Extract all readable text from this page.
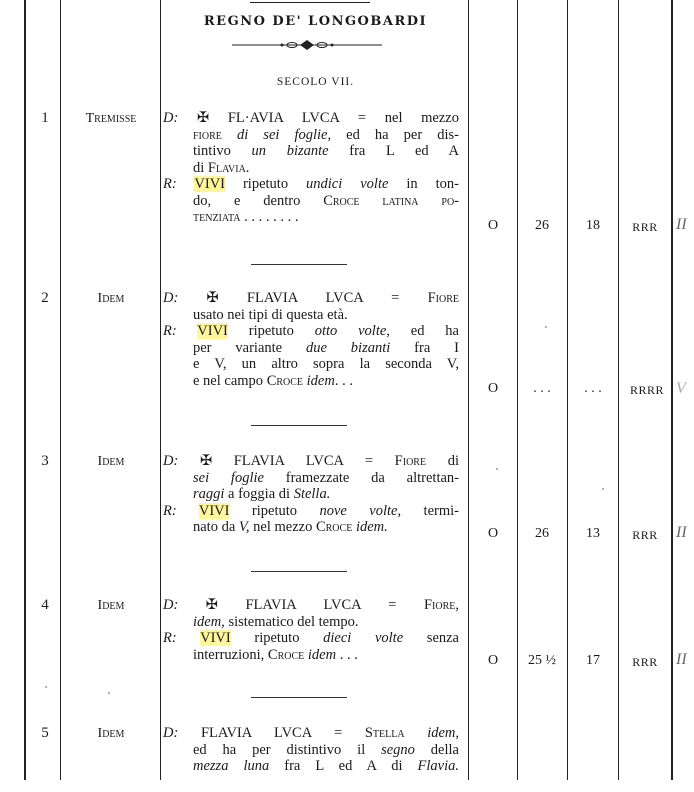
REGNO DE' LONGOBARDI
SECOLO VII.
1	Tremisse	D: ✠ FL·AVIA LVCA = nel mezzo
fiore di sei foglie, ed ha per dis-
tintivo un bizante fra L ed A
di Flavia.
R: VIVI ripetuto undici volte in ton-
do, e dentro Croce latina po-
tenziata . . . . . . . .
O	26	18	RRR	II
2	Idem	D: ✠ FLAVIA LVCA = Fiore
usato nei tipi di questa età.
R: VIVI ripetuto otto volte, ed ha
per variante due bizanti fra I
e V, un altro sopra la seconda V,
e nel campo Croce idem. . .	O	. . .	. . .	RRRR V
3	Idem	D: ✠ FLAVIA LVCA = Fiore di
sei foglie framezzate da altrettan-
raggi a foggia di Stella.
R: VIVI ripetuto nove volte, termi-
nato da V, nel mezzo Croce idem.	O	26	13	RRR	II
4	Idem	D: ✠ FLAVIA LVCA = Fiore,
idem, sistematico del tempo.
R: VIVI ripetuto dieci volte senza
interruzioni, Croce idem . . .	O	25 ½	17	RRR	II
5	Idem	D: FLAVIA LVCA = Stella idem,
ed ha per distintivo il segno della
mezza luna fra L ed A di Flavia.
